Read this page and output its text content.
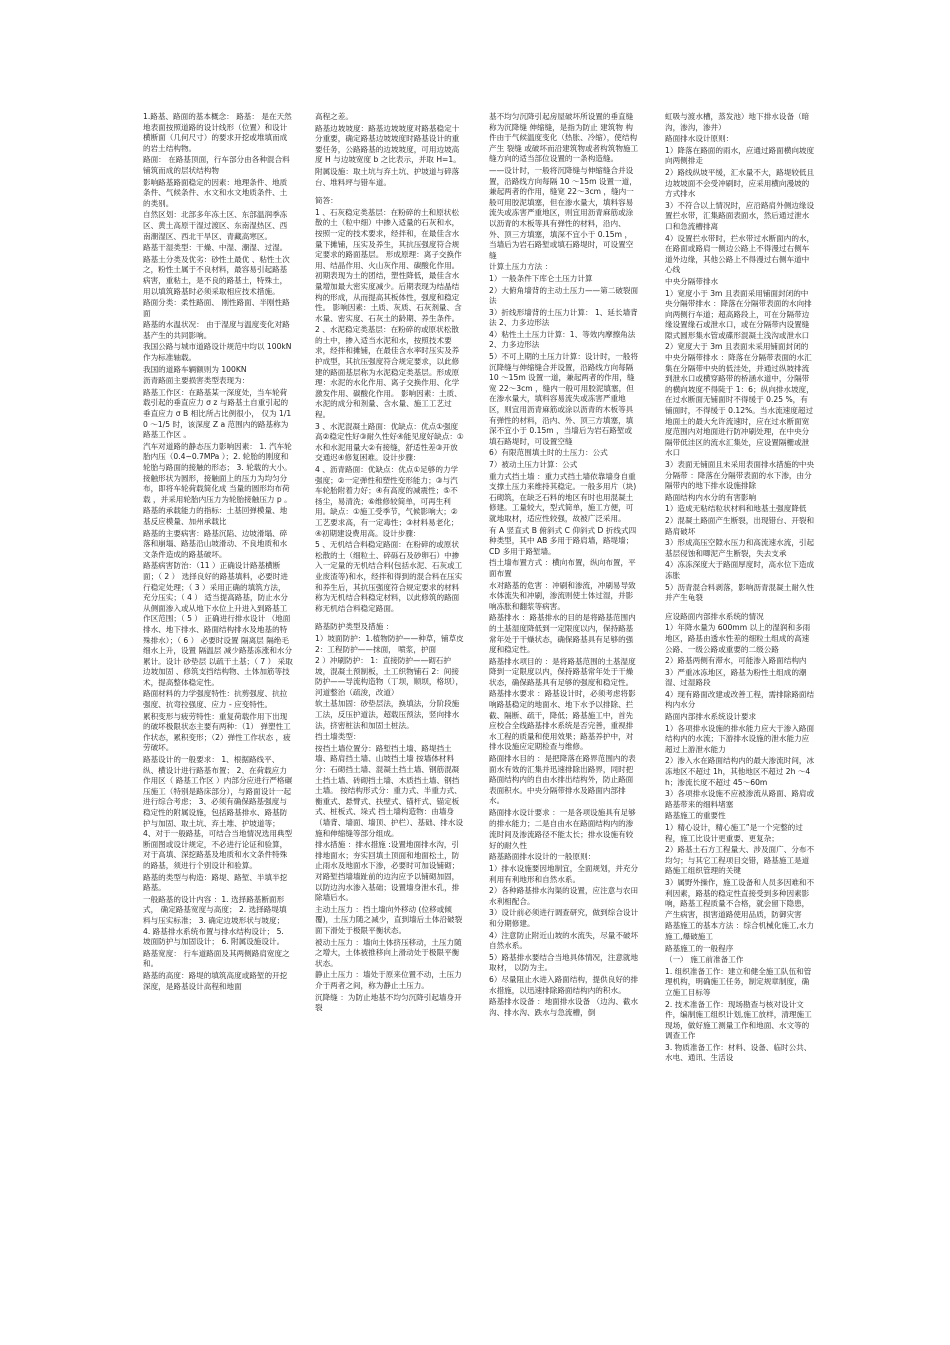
1.路基、路面的基本概念： 路基： 是在天然地表面按照道路的设计线形（位置）和设计横断面（几何尺寸）的要求开挖或堆填而成的岩土结构物。

路面： 在路基顶面，行车部分由各种混合料铺筑而成的层状结构物

影响路基路面稳定的因素：地理条件、地质条件、气候条件、水文和水文地质条件、土的类别。

自然区划：北部多年冻土区、东部温润季冻区、黄土高原干湿过渡区、东南湿热区、西南潮湿区、西北干旱区、青藏高寒区。

路基干湿类型：干燥、中湿、潮湿、过湿。

路基土分类及优劣：砂性土最优 、粘性土次之，粉性土属于不良材料，最容易引起路基病害，重粘土，是不良的路基土，特殊土，用以填筑路基时必须采取相应技术措施。

路面分类：柔性路面、 刚性路面、半刚性路面

路基的水温状况： 由于湿度与温度变化对路基产生的共同影响。

我国公路与城市道路设计规范中均以 100kN 作为标准轴载。

我国的道路车辆额则为 100KN

沥青路面主要损害类型表现为：

路基工作区：在路基某一深度处，当车轮荷载引起的垂直应力 σ z 与路基土自重引起的垂直应力 σ B 相比所占比例很小， 仅为 1/10 ～1/5 时，该深度 Z a 范围内的路基称为路基工作区 。

汽车对道路的静态压力影响因素： 1. 汽车轮胎内压（0.4~0.7MPa ）；2. 轮胎的刚度和轮胎与路面的接触的形态； 3. 轮载的大小。 接触形状为圆形，接触面上的压力为均匀分布，即将车轮荷载简化成 当量的圆形均布荷载 ，并采用轮胎内压力为轮胎接触压力 p 。

路基的承载能力的指标：土基回弹模量、地基反应模量、加州承载比

路基的主要病害：路基沉陷、边坡滑塌、碎落和崩塌、路基沿山坡滑动、不良地质和水文条件造成的路基破坏。

路基病害防治：（11 ）正确设计路基横断面；（ 2 ） 选择良好的路基填料，必要时进行稳定处理；（ 3 ）采用正确的填筑方法，充分压实；（ 4 ） 适当提高路基，防止水分从侧面渗入或从地下水位上升进入到路基工作区范围；（ 5 ） 正确进行排水设计 （地面排水、地下排水、路面结构排水及地基的特殊排水）；（ 6 ） 必要时设置 隔离层 隔绝毛细水上升，设置 隔温层 减少路基冻涨和水分累计。设计 砂垫层 以疏干土基；（ 7 ） 采取 边坡加固 、修筑支挡结构物、土体加筋等技术，提高整体稳定性。

路面材料的力学强度特性：抗剪强度、抗拉强度、抗弯拉强度、应力 - 应变特性。

累积变形与疲劳特性：重复荷载作用下出现的破坏极限状态主要有两种：（1） 弹塑性工作状态，累积变形；（2）弹性工作状态 ，疲劳破坏。

路基设计的一般要求： 1、根据路线平、纵、横设计进行路基布置； 2、在荷载应力作用区（ 路基工作区 ）内部分应进行严格碾压施工（特别是路床部分），与路面设计一起进行综合考虑； 3、必须有确保路基强度与稳定性的附属设施，包括路基排水、路基防护与加固、取土坑、弃土堆、护坡道等； 4、对于一般路基，可结合当地情况选用典型断面图或设计规定，不必进行论证和验算，对于高填、深挖路基及地质和水文条件特殊的路基，须进行个别设计和验算。

路基的类型与构造：路堤、路堑、半填半挖路基。

一般路基的设计内容 ：1. 选择路基断面形式， 确定路基宽度与高度； 2. 选择路堤填料与压实标准； 3. 确定边坡形状与坡度； 4. 路基排水系统布置与排水结构设计； 5. 坡面防护与加固设计； 6. 附属设施设计。

路基宽度： 行车道路面及其两侧路肩宽度之和。

路基的高度：路堤的填筑高度或路堑的开挖深度，是路基设计高程和地面

高程之差。

路基边坡坡度：路基边坡坡度对路基稳定十分重要，确定路基边坡坡度时路基设计的重要任务，公路路基的边坡坡度，可用边坡高度 H 与边坡宽度 b 之比表示，并取 H=1。

附属设施：取土坑与弃土坑、护坡道与碎落台、堆料坪与错车道。

简答：

1 、石灰稳定类基层：在粉碎的土和原状松散的土（粒中细）中掺入适量的石灰和水，按照一定的技术要求，经拌和，在最佳含水量下摊铺，压实及养生，其抗压强度符合规定要求的路面基层。 形成原理：离子交换作用、结晶作用、火山灰作用、碳酸化作用。初期表现为土的团结，塑性降低，最佳含水量增加最大密实度减少。后期表现为结晶结构的形成，从而提高其板体性，强度和稳定性。 影响因素：土质、灰质、石灰剂量、含水量、密实度、石灰土的龄期、养生条件。

2 、水泥稳定类基层：在粉碎的或原状松散的土中，掺入适当水泥和水，按照技术要求，经拌和摊铺，在最佳含水率时压实及养护成型，其抗压强度符合规定要求，以此修建的路面基层称为水泥稳定类基层。形成原理：水泥的水化作用、离子交换作用、化学激发作用、碳酸化作用。 影响因素：土质、水泥的成分和剂量、含水量、施工工艺过程。

3 、水泥混凝土路面：优缺点：优点①强度高②稳定性好③耐久性好④能见度好缺点：①水和水泥用量大②有接缝，舒适性差③开放交通迟④修复困难。设计步骤：

4 、沥青路面：优缺点：优点①足够的力学强度；②一定弹性和塑性变形能力；③与汽车轮胎附着力好；④有高度的减震性；⑤不扬尘，易清洗；⑥维修较简单，可再生利用。缺点：①施工受季节，气候影响大；②工艺要求高，有一定毒性；③材料易老化；④初期建设费用高。设计步骤：

5 、无机结合料稳定路面：在粉碎的或原状松散的土（细粒土、碎砾石及砂卵石）中掺入一定量的无机结合料(包括水泥、石灰或工业废渣等)和水，经拌和得到的混合料在压实和养生后，其抗压强度符合规定要求的材料称为无机结合料稳定材料，以此修筑的路面称无机结合料稳定路面。

路基防护类型及措施 ：

1）坡面防护：1.植物防护——种草，铺草皮 2：工程防护——抹面， 喷浆，护面

2 ）冲刷防护： 1：直接防护——砌石护坡，混凝土预制板，土工织物铺石 2：间接防护——导流构造物（丁坝，顺坝，格坝），河道整治（疏浚，改道）

软土基加固：砂垫层法，换填法，分阶段施工法，反压护道法，超载压预法，竖向排水法，挤密桩法和加固土桩法。

挡土墙类型：

按挡土墙位置分：路堑挡土墙、路堤挡土墙、路肩挡土墙、山坡挡土墙 按墙体材料分：石砌挡土墙、混凝土挡土墙、钢筋混凝土挡土墙、砖砌挡土墙、木质挡土墙、钢挡土墙。 按结构形式分：重力式、半重力式、衡重式、悬臂式、扶壁式、锚杆式、锚定板式、桩板式、垛式 挡土墙构造物：由墙身（墙背、墙面、墙顶、护栏）、基础、排水设施和伸缩缝等部分组成。

排水措施 ：排水措施 :设置地面排水沟，引排地面水；夯实回填土顶面和地面松土，防止雨水及地面水下渗，必要时可加设铺砌；对路堑挡墙墙趾前的边沟应予以铺砌加固，以防边沟水渗入基础；设置墙身泄水孔，排除墙后水。

主动土压力 ：挡土墙向外移动 (位移或倾覆)，土压力随之减少，直到墙后土体沿破裂面下滑处于极限平衡状态。

被动土压力 ：墙向土体挤压移动，土压力随之增大，土体被推移向上滑动处于极限平衡状态。

静止土压力 ：墙处于原来位置不动，土压力介于两者之间，称为静止土压力。

沉降缝 ：为防止地基不均匀沉降引起墙身开裂

基不均匀沉降引起房屋破坏所设置的垂直缝称为沉降缝 伸缩缝，是指为防止 建筑物 构件由于气候温度变化（热胀、冷缩），使结构产生 裂缝 或破坏而沿建筑物或者构筑物施工缝方向的适当部位设置的一条构造缝。

——设计时，一般将沉降缝与伸缩缝合并设置，沿路线方向每隔 10 ～15m 设置一道，兼起两者的作用，缝宽 22～3cm ，缝内一般可用胶泥填塞，但在渗水量大，填料容易流失或冻害严重地区，则宜用沥青麻筋或涂以沥青的木板等具有弹性的材料，沿内、外、顶三方填塞，填深不宜小于 0.15m ，当墙后为岩石路堑或填石路堤时，可设置空缝

计算土压力方法 ：

1）一般条件下库仑土压力计算

2）大俯角墙背的主动土压力——第二破裂面法

3）折线形墙背的土压力计算： 1、延长墙背法 2、力多边形法

4）粘性土土压力计算：1、等效内摩擦角法 2、力多边形法

5）不可上期的土压力计算：设计时，一般将沉降缝与伸缩缝合并设置，沿路线方向每隔 10 ～15m 设置一道，兼起两者的作用，缝宽 22～3cm ，缝内一般可用胶泥填塞，但在渗水量大，填料容易流失或冻害严重地区，则宜用沥青麻筋或涂以沥青的木板等具有弹性的材料，沿内、外、顶三方填塞，填深不宜小于 0.15m ，当墙后为岩石路堑或填石路堤时，可设置空缝

6）有限范围填土时的土压力：公式

7）被动土压力计算：公式

重力式挡土墙 ：重力式挡土墙依靠墙身自重支撑土压力来维持其稳定。一般多用片（块)石砌筑，在缺乏石料的地区有时也用混凝土修建。工量较大，型式简单，施工方便，可就地取材，适应性较强，故被广泛采用。

有 A 竖直式 B 俯斜式 C 仰斜式 D 折线式四种类型，其中 AB 多用于路肩墙，路堤墙； CD 多用于路堑墙。

挡土墙布置方式 ：横向布置，纵向布置，平面布置

水对路基的危害 ：冲刷和渗流，冲刷易导致水体流失和冲刷，渗流则使土体过湿，并影响冻胀和翻浆等病害。

路基排水 ：路基排水的目的是将路基范围内的土基湿度降低到一定限度以内，保持路基常年处于干燥状态，确保路基具有足够的强度和稳定性。

路基排水项目的 ：是将路基范围的土基湿度降到一定限度以内，保持路基常年处于干燥状态，确保路基具有足够的强度和稳定性。

路基排水要求 ：路基设计时，必须考虑将影响路基稳定的地面水、地下水予以排除、拦截、隔断、疏干，降低；路基施工中，首先应校合全线路基排水系统是否完善，重视排水工程的质量和使用效果；路基养护中，对排水设施应定期检查与维修。

路面排水目的 ：是把降落在路界范围内的表面水有效的汇集并迅速排除出路界，同时把路面结构内的自由水排出结构外，防止路面表面积水。中央分隔带排水及路面内部排水。

路面排水设计要求 ：一是各项设施具有足够的排水能力；二是自由水在路面结构内的渗

流时间及渗流路径不能太长；排水设施有较好的耐久性

路基路面排水设计的一般原则：

1）排水设施要因地制宜，全面规划，并充分利用有利地形和自然水系。

2）各种路基排水沟渠的设置，应注意与农田水利相配合。

3）设计前必须进行调查研究，做到综合设计和分期修建。

4）注意防止附近山坡的水流失，尽量不破坏自然水系。

5）路基排水要结合当地具体情况，注意就地取材， 以防为主。

6）尽量阻止水进入路面结构，提供良好的排水措施，以迅速排除路面结构内的积水。

路基排水设备 ：地面排水设备 （边沟、截水沟、排水沟、跌水与急流槽，倒

虹吸与渡水槽，蒸发池）地下排水设备（暗沟，渗沟，渗井）

路面排水设计原则：

1）降落在路面的雨水，应通过路面横向坡度向两侧排走

2）路线纵坡平缓，汇水量不大，路堤较低且边坡坡面不会受冲刷时，应采用横向漫坡的方式排水

3）不符合以上情况时，应沿路肩外侧边缘设置拦水带，汇集路面表面水，然后通过泄水口和急流槽排离

4）设置拦水带时，拦水带过水断面内的水，在路面或路肩一侧边公路上不得漫过右侧车道外边缘，其他公路上不得漫过右侧车道中心线

中央分隔带排水

1）宽度小于 3m 且表面采用铺面封闭的中央分隔带排水 ：降落在分隔带表面的水向排向两侧行车道；超高路段上，可在分隔带边缘设置缘石或泄水口，或在分隔带内设置缝隙式圆形集水管或碟形混凝土浅沟或泄水口

2）宽度大于 3m 且表面未采用铺面封闭的中央分隔带排水 ：降落在分隔带表面的水汇集在分隔带中央的低洼处，并通过纵坡排流到泄水口或横穿路带的桥涵水道中，分隔带的横向坡度不得陡于 1：6；纵向排水坡度，在过水断面无铺面时不得缓于 0.25 %，有铺面时，不得缓于 0.12%。当水流速度超过地面土的最大允许流速时，应在过水断面宽度范围内对地面进行防冲刷处理，在中央分隔带低洼区的流水汇集处，应设置隔栅或泄水口

3）表面无铺面且未采用表面排水措施的中央分隔带 ：降落在分隔带表面的水下渗，由分隔带内的地下排水设施排除

路面结构内水分的有害影响

1）造成无粘结粒状材料和地基土强度降低

2）混凝土路面产生断裂，出现错台、开裂和路肩破坏

3）形成高压空隙水压力和高流速水流，引起基层侵蚀和唧泥产生断裂，失去支承

4）冻冻深度大于路面厚度时，高水位下造成冻胀

5）沥青混合料剥落，影响沥青混凝土耐久性并产生龟裂

应设路面内部排水系统的情况

1）年降水量为 600mm 以上的湿润和多雨地区，路基由透水性差的细粒土组成的高速公路、一级公路或重要的二级公路

2）路基两侧有滞水，可能渗入路面结构内

3）严重冰冻地区，路基为粉性土组成的潮湿、过湿路段

4）现有路面改建或改善工程，需排除路面结构内水分

路面内部排水系统设计要求

1）各项排水设施的排水能力应大于渗入路面结构内的水流；下游排水设施的泄水能力应超过上游泄水能力

2）渗入水在路面结构内的最大渗流时间，冰冻地区不超过 1h，其他地区不超过 2h ～4h；渗流长度不超过 45～60m

3）各项排水设施不应被渗流从路面、路肩或路基带来的细料堵塞

路基施工的重要性

1）精心设计，精心施工”是一个完整的过程，施工比设计更重要、更复杂；

2）路基土石方工程量大、涉及面广、分布不均匀；与其它工程项目交错，路基施工是道路施工组织管理的关键

3）属野外操作，施工设备和人员多因难和不利因素，路基的稳定性直接受到多种因素影响，路基工程质量不合格，就会留下隐患，产生病害，损害道路使用品质，防御灾害

路基施工的基本方法 ：综合机械化施工,水力施工,爆破施工

路基施工的一般程序

（一） 施工前准备工作

1. 组织准备工作：建立和健全施工队伍和管理机构，明确施工任务，制定规章制度，确立施工目标等

2. 技术准备工作：现场勘查与核对设计文件，编制施工组织计划,施工放样，清理施工现场，做好施工测量工作和地面、水文等的调查工作

3. 物质准备工作：材料、设备、临时公共、水电、通讯、生活设
